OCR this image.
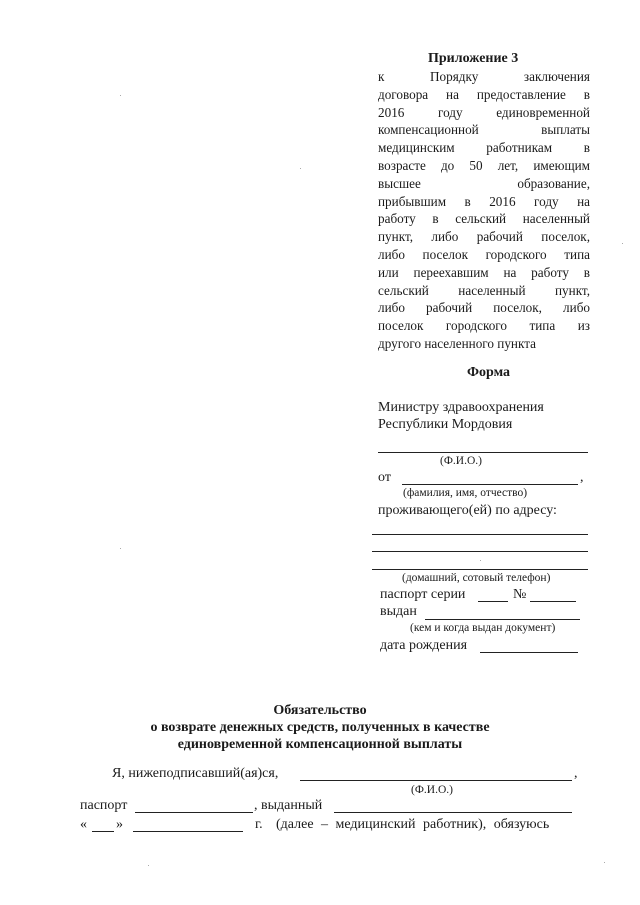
Приложение 3
к Порядку заключения
договора на предоставление в
2016 году единовременной
компенсационной выплаты
медицинским работникам в
возрасте до 50 лет, имеющим
высшее образование,
прибывшим в 2016 году на
работу в сельский населенный
пункт, либо рабочий поселок,
либо поселок городского типа
или переехавшим на работу в
сельский населенный пункт,
либо рабочий поселок, либо
поселок городского типа из
другого населенного пункта
Форма
Министру здравоохранения
Республики Мордовия
(Ф.И.О.)
от	,
(фамилия, имя, отчество)
проживающего(ей) по адресу:
(домашний, сотовый телефон)
паспорт серии	№
выдан
(кем и когда выдан документ)
дата рождения
Обязательство
о возврате денежных средств, полученных в качестве
единовременной компенсационной выплаты
Я, нижеподписавший(ая)ся,	,
(Ф.И.О.)
паспорт	, выданный
« »	г. (далее – медицинский работник), обязуюсь
